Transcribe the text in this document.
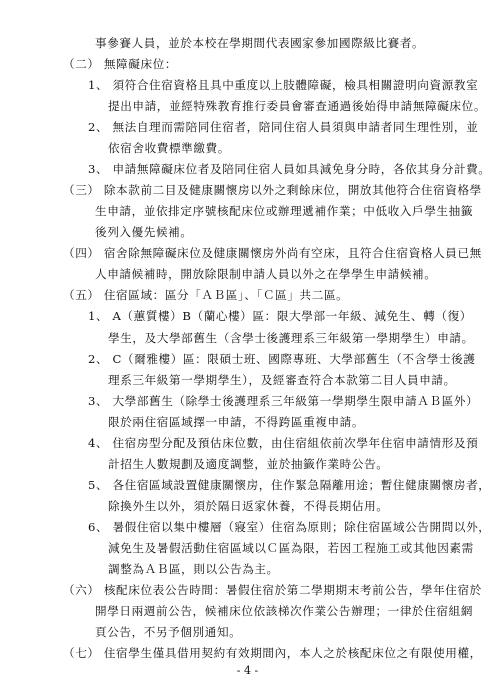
事參賽人員，並於本校在學期間代表國家參加國際級比賽者。
（二） 無障礙床位：
1、 須符合住宿資格且具中重度以上肢體障礙，檢具相關證明向資源教室
提出申請，並經特殊教育推行委員會審查通過後始得申請無障礙床位。
2、 無法自理而需陪同住宿者，陪同住宿人員須與申請者同生理性別，並
依宿舍收費標準繳費。
3、 申請無障礙床位者及陪同住宿人員如具減免身分時，各依其身分計費。
（三） 除本款前二目及健康關懷房以外之剩餘床位，開放其他符合住宿資格學
生申請，並依排定序號核配床位或辦理遞補作業；中低收入戶學生抽籤
後列入優先候補。
（四） 宿舍除無障礙床位及健康關懷房外尚有空床，且符合住宿資格人員已無
人申請候補時，開放除限制申請人員以外之在學學生申請候補。
（五） 住宿區域：區分「ＡＢ區」、「Ｃ區」共二區。
1、 A（蕙質樓）B（蘭心樓）區：限大學部一年級、減免生、轉（復）
學生，及大學部舊生（含學士後護理系三年級第一學期學生）申請。
2、 C（爾雅樓）區：限碩士班、國際專班、大學部舊生（不含學士後護
理系三年級第一學期學生），及經審查符合本款第二目人員申請。
3、 大學部舊生（除學士後護理系三年級第一學期學生限申請ＡＢ區外）
限於兩住宿區域擇一申請，不得跨區重複申請。
4、 住宿房型分配及預估床位數，由住宿組依前次學年住宿申請情形及預
計招生人數規劃及適度調整，並於抽籤作業時公告。
5、 各住宿區域設置健康關懷房，住作緊急隔離用途；暫住健康關懷房者，
除換外生以外，須於隔日返家休養，不得長期佔用。
6、 暑假住宿以集中樓層（寢室）住宿為原則；除住宿區域公告開問以外，
減免生及暑假活動住宿區域以Ｃ區為限，若因工程施工或其他因素需
調整為ＡＢ區，則以公告為主。
（六） 核配床位表公告時間：暑假住宿於第二學期期末考前公告，學年住宿於
開學日兩週前公告，候補床位依該梯次作業公告辦理；一律於住宿組網
頁公告，不另予個別通知。
（七） 住宿學生僅具借用契約有效期間內，本人之於核配床位之有限使用權，
- 4 -
